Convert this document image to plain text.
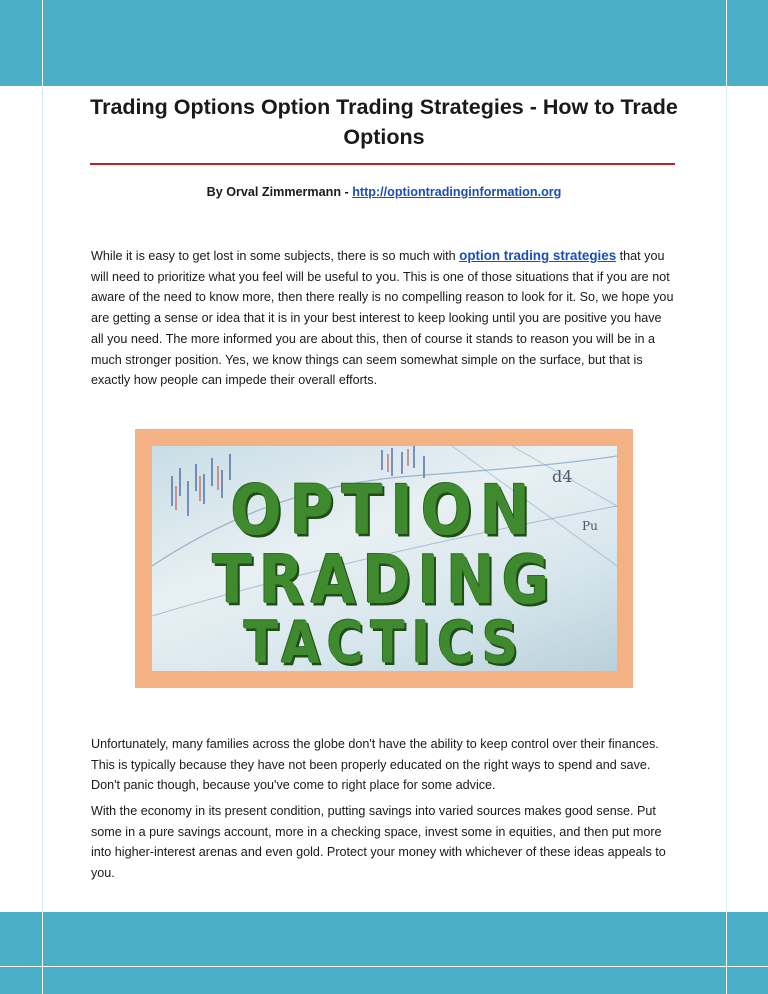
Trading Options Option Trading Strategies - How to Trade Options
By Orval Zimmermann - http://optiontradinginformation.org

While it is easy to get lost in some subjects, there is so much with option trading strategies that you will need to prioritize what you feel will be useful to you. This is one of those situations that if you are not aware of the need to know more, then there really is no compelling reason to look for it. So, we hope you are getting a sense or idea that it is in your best interest to keep looking until you are positive you have all you need. The more informed you are about this, then of course it stands to reason you will be in a much stronger position. Yes, we know things can seem somewhat simple on the surface, but that is exactly how people can impede their overall efforts.

d4
Pu
OPTION
TRADING
TACTICS

Unfortunately, many families across the globe don't have the ability to keep control over their finances. This is typically because they have not been properly educated on the right ways to spend and save. Don't panic though, because you've come to right place for some advice.

With the economy in its present condition, putting savings into varied sources makes good sense. Put some in a pure savings account, more in a checking space, invest some in equities, and then put more into higher-interest arenas and even gold. Protect your money with whichever of these ideas appeals to you.
